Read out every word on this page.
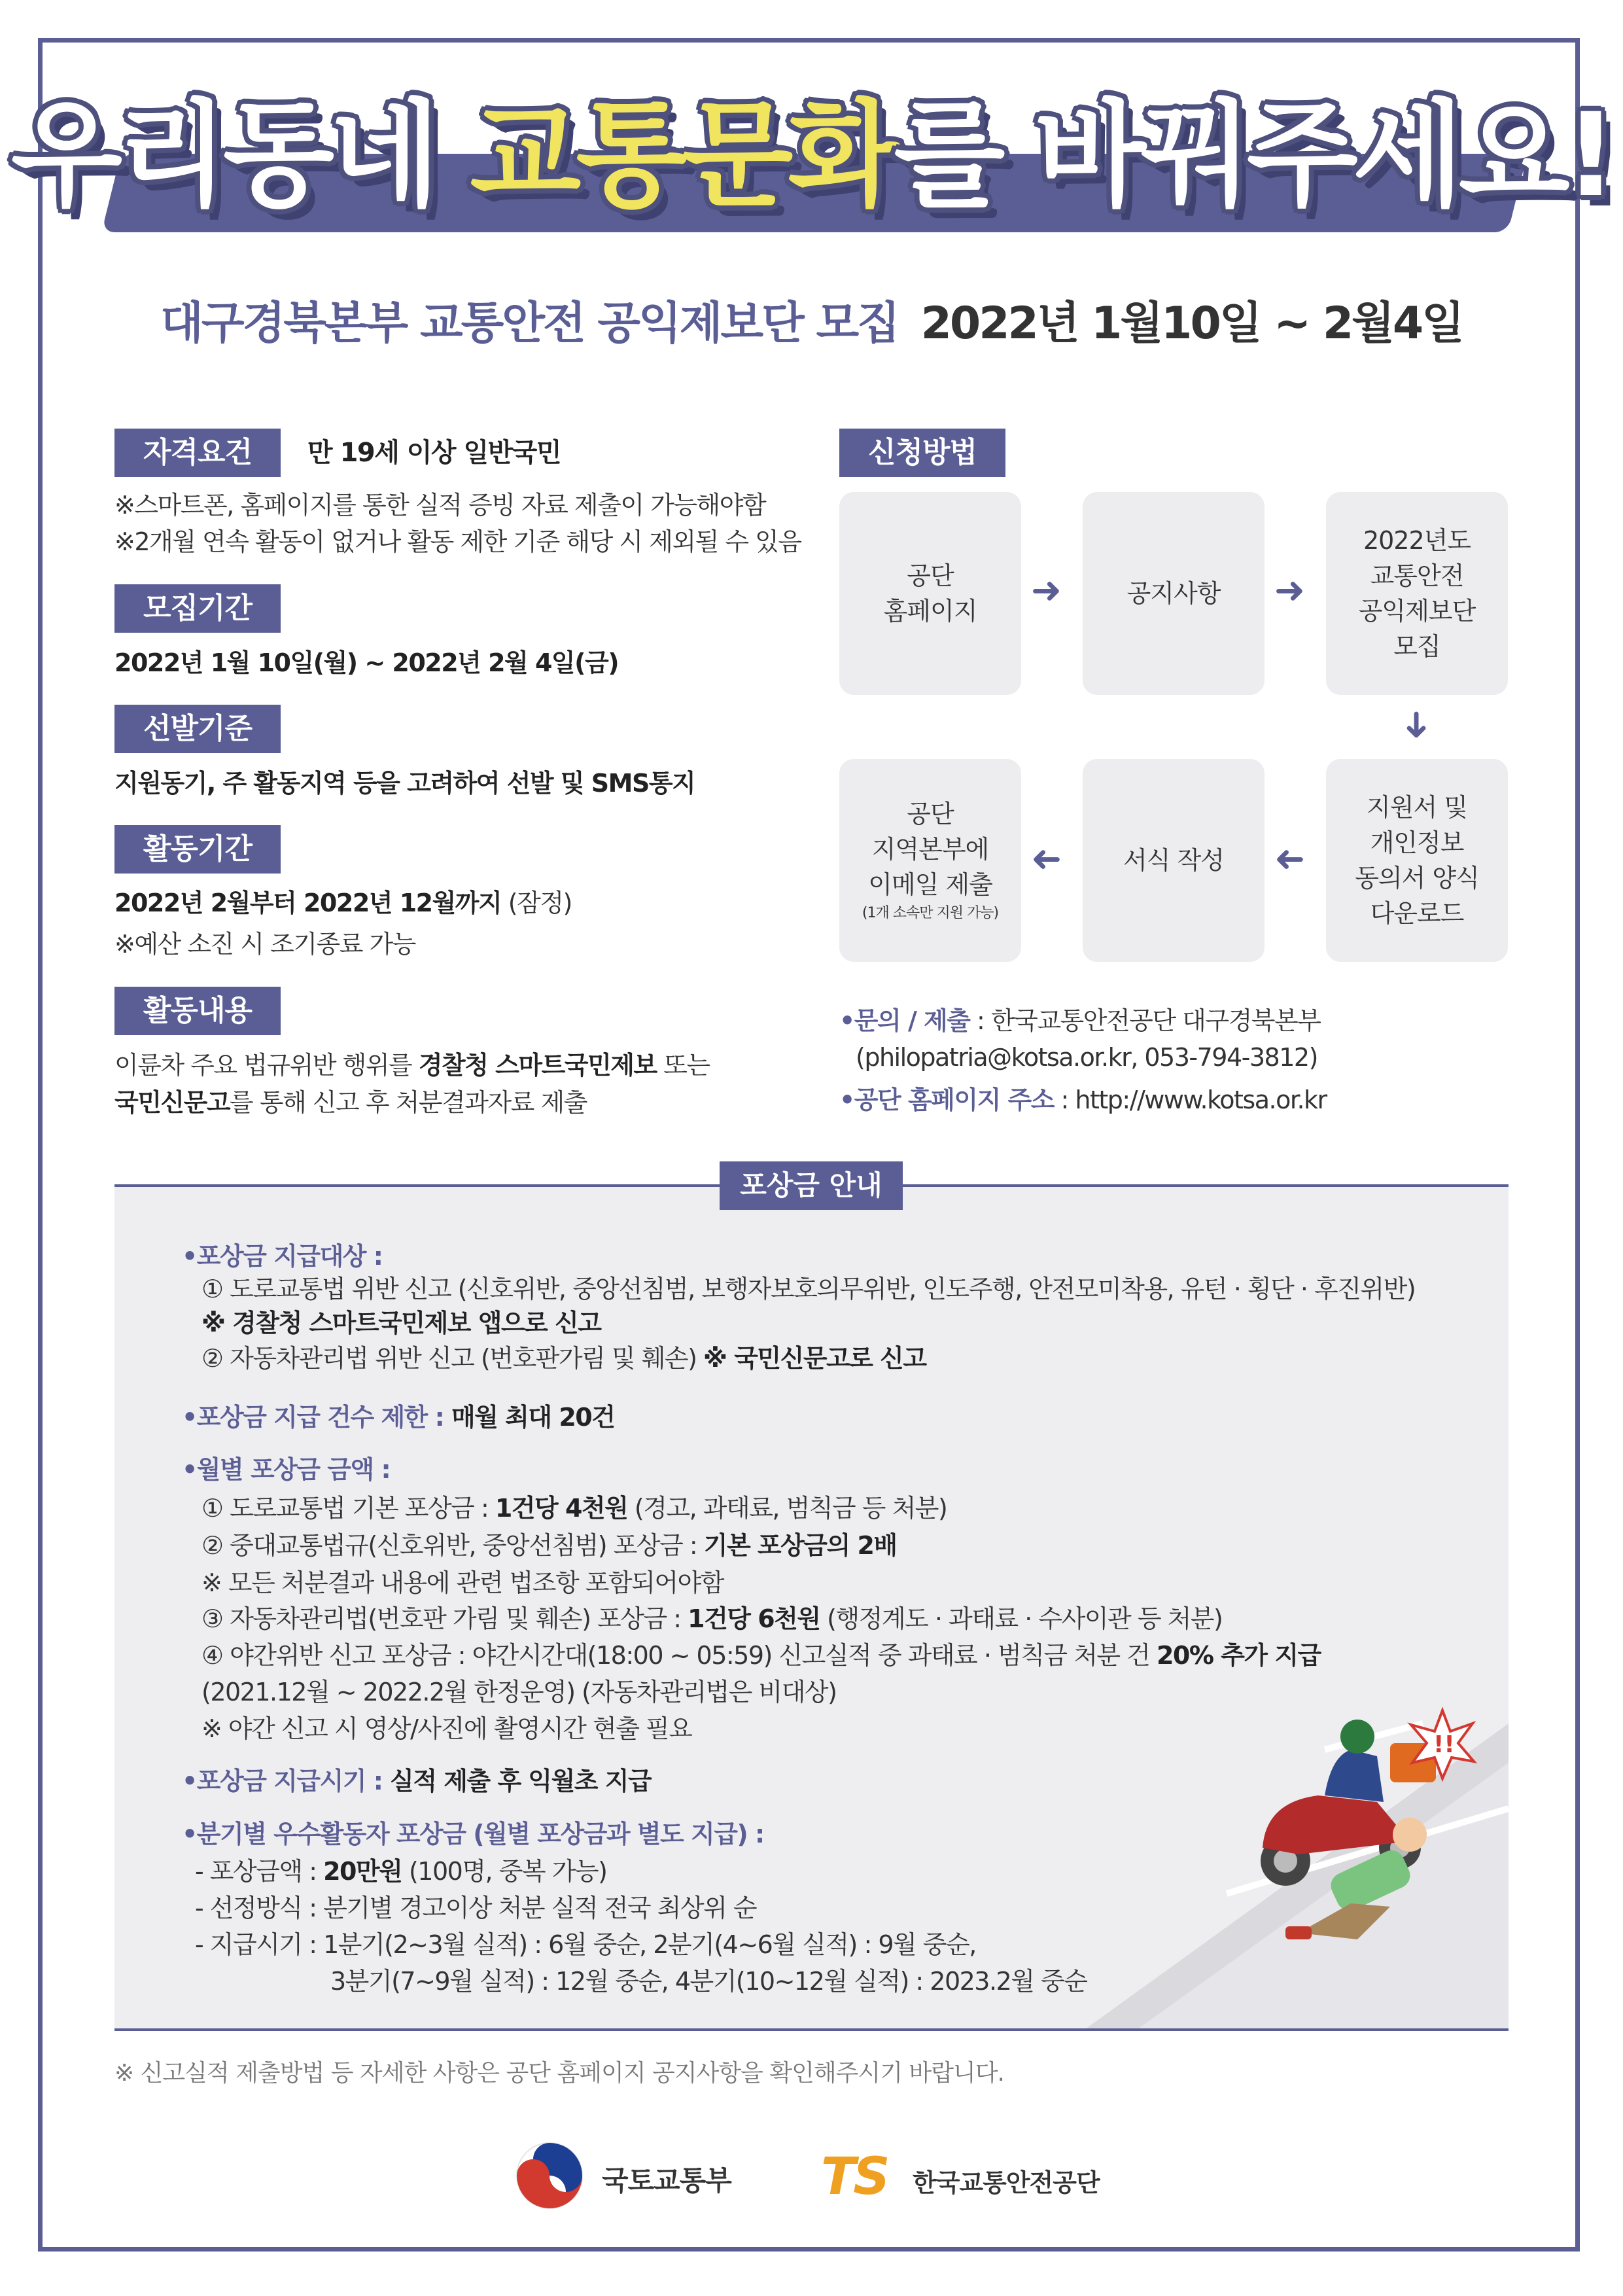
우리동네 교통문화를 바꿔주세요!
대구경북본부 교통안전 공익제보단 모집 2022년 1월10일 ~ 2월4일
자격요건	만 19세 이상 일반국민
※스마트폰, 홈페이지를 통한 실적 증빙 자료 제출이 가능해야함
※2개월 연속 활동이 없거나 활동 제한 기준 해당 시 제외될 수 있음
모집기간
2022년 1월 10일(월) ~ 2022년 2월 4일(금)
선발기준
지원동기, 주 활동지역 등을 고려하여 선발 및 SMS통지
활동기간
2022년 2월부터 2022년 12월까지 (잠정)
※예산 소진 시 조기종료 가능
활동내용
이륜차 주요 법규위반 행위를 경찰청 스마트국민제보 또는
국민신문고를 통해 신고 후 처분결과자료 제출
신청방법
공단
홈페이지 ➜	공지사항 ➜
2022년도
교통안전
공익제보단
모집
➜
공단
지역본부에
이메일 제출
(1개 소속만 지원 가능)
➜ 서식 작성 ➜
지원서 및
개인정보
동의서 양식
다운로드
•문의 / 제출 : 한국교통안전공단 대구경북본부
(philopatria@kotsa.or.kr, 053-794-3812)
•공단 홈페이지 주소 : http://www.kotsa.or.kr
!!
포상금 안내
•포상금 지급대상 :
① 도로교통법 위반 신고 (신호위반, 중앙선침범, 보행자보호의무위반, 인도주행, 안전모미착용, 유턴 · 횡단 · 후진위반)
※ 경찰청 스마트국민제보 앱으로 신고
② 자동차관리법 위반 신고 (번호판가림 및 훼손) ※ 국민신문고로 신고
•포상금 지급 건수 제한 : 매월 최대 20건
•월별 포상금 금액 :
① 도로교통법 기본 포상금 : 1건당 4천원 (경고, 과태료, 범칙금 등 처분)
② 중대교통법규(신호위반, 중앙선침범) 포상금 : 기본 포상금의 2배
※ 모든 처분결과 내용에 관련 법조항 포함되어야함
③ 자동차관리법(번호판 가림 및 훼손) 포상금 : 1건당 6천원 (행정계도 · 과태료 · 수사이관 등 처분)
④ 야간위반 신고 포상금 : 야간시간대(18:00 ~ 05:59) 신고실적 중 과태료 · 범칙금 처분 건 20% 추가 지급
(2021.12월 ~ 2022.2월 한정운영) (자동차관리법은 비대상)
※ 야간 신고 시 영상/사진에 촬영시간 현출 필요
•포상금 지급시기 : 실적 제출 후 익월초 지급
•분기별 우수활동자 포상금 (월별 포상금과 별도 지급) :
- 포상금액 : 20만원 (100명, 중복 가능)
- 선정방식 : 분기별 경고이상 처분 실적 전국 최상위 순
- 지급시기 : 1분기(2~3월 실적) : 6월 중순, 2분기(4~6월 실적) : 9월 중순,
3분기(7~9월 실적) : 12월 중순, 4분기(10~12월 실적) : 2023.2월 중순
※ 신고실적 제출방법 등 자세한 사항은 공단 홈페이지 공지사항을 확인해주시기 바랍니다.
국토교통부 TS 한국교통안전공단
